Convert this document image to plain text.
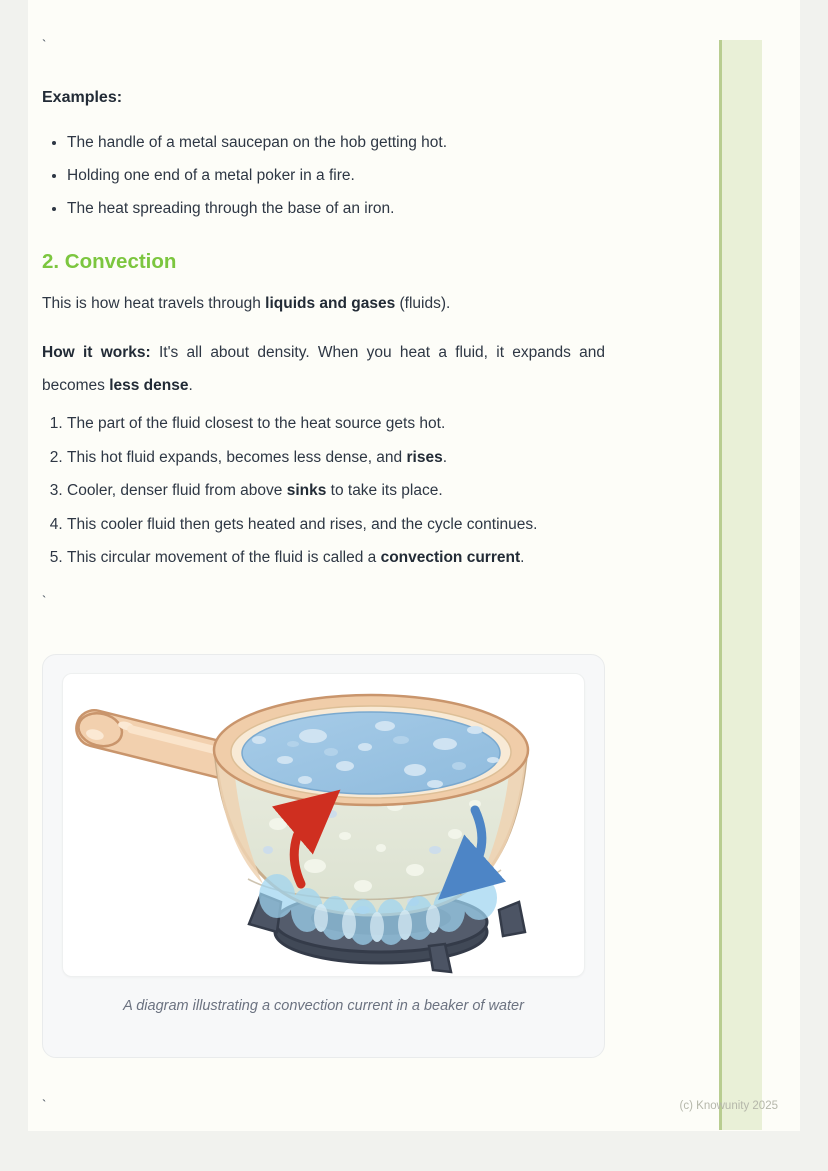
`
Examples:
• The handle of a metal saucepan on the hob getting hot.
• Holding one end of a metal poker in a fire.
• The heat spreading through the base of an iron.
2. Convection

This is how heat travels through liquids and gases (fluids).

How it works: It's all about density. When you heat a fluid, it expands and becomes less dense.

1. The part of the fluid closest to the heat source gets hot.
2. This hot fluid expands, becomes less dense, and rises.
3. Cooler, denser fluid from above sinks to take its place.
4. This cooler fluid then gets heated and rises, and the cycle continues.
5. This circular movement of the fluid is called a convection current.
`
A diagram illustrating a convection current in a beaker of water
`	(c) Knowunity 2025
